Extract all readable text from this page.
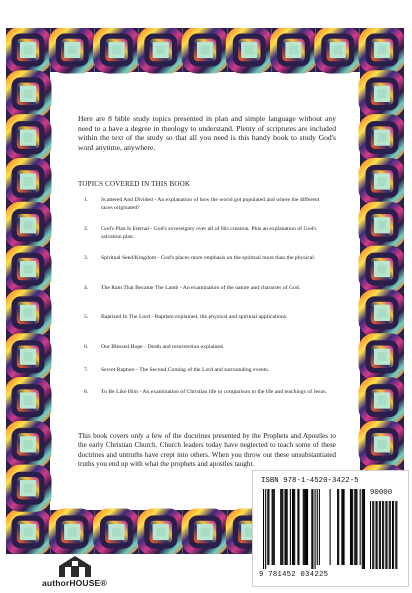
Here are 8 bible study topics presented in plan and simple language without any need to a have a degree in theology to understand. Plenty of scriptures are included within the text of the study so that all you need is this handy book to study God's word anytime, anywhere.

TOPICS COVERED IN THIS BOOK

1. Scattered And Divided - An explanation of how the world got populated and where the different races originated?
2. God's Plan Is Eternal - God's sovereignty over all of His creation. Plus an explanation of God's salvation plan.
3. Spiritual Seed/Kingdom - God's places more emphasis on the spiritual more than the physical.
4. The Ram That Became The Lamb - An examination of the nature and character of God.
5. Baptized In The Lord - Baptism explained, the physical and spiritual applications.
6. Our Blessed Hope - Death and resurrection explained.
7. Secret Rapture - The Second Coming of the Lord and surrounding events.
8. To Be Like Him - An examination of Christian life in comparison to the life and teachings of Jesus.

This book covers only a few of the doctrines presented by the Prophets and Apostles to the early Christian Church. Church leaders today have neglected to teach some of these doctrines and untruths have crept into others. When you throw out these unsubstantiated truths you end up with what the prophets and apostles taught.

authorHOUSE®
ISBN 978-1-4520-3422-5
90000
9 781452 034225
